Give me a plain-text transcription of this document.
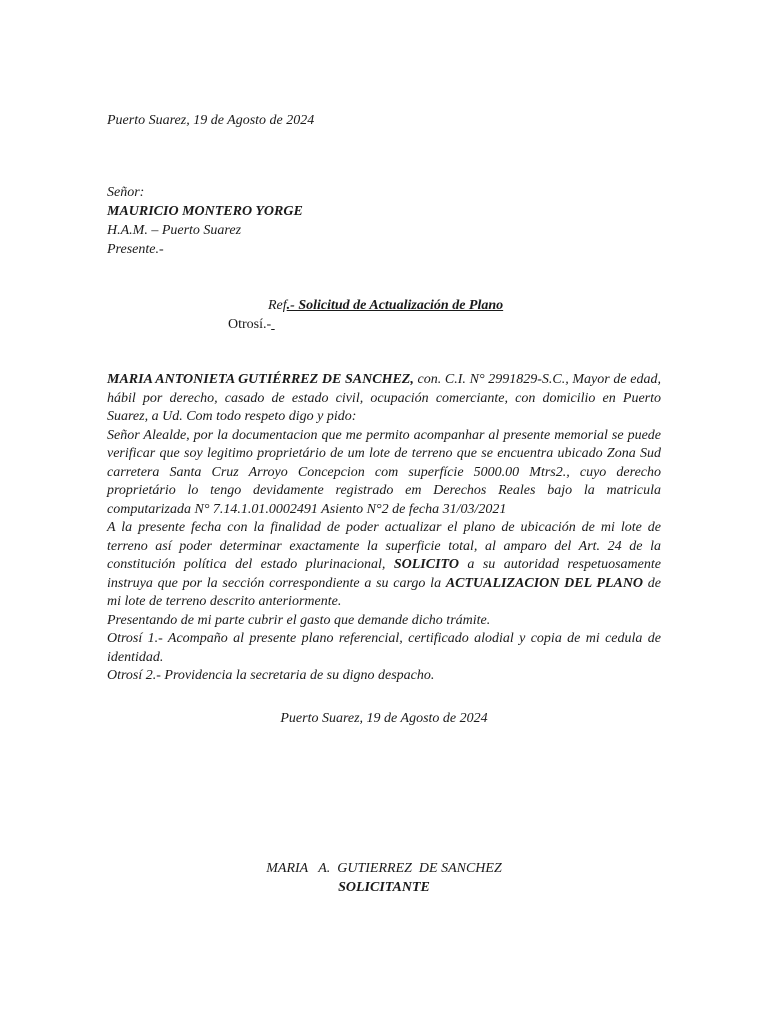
Puerto Suarez, 19 de Agosto de 2024
Señor:
MAURICIO MONTERO YORGE
H.A.M. – Puerto Suarez
Presente.-
Ref.- Solicitud de Actualización de Plano
Otrosí.-

MARIA ANTONIETA GUTIÉRREZ DE SANCHEZ, con. C.I. N° 2991829-S.C., Mayor de edad, hábil por derecho, casado de estado civil, ocupación comerciante, con domicilio en Puerto Suarez, a Ud. Com todo respeto digo y pido:

Señor Alealde, por la documentacion que me permito acompanhar al presente memorial se puede verificar que soy legitimo proprietário de um lote de terreno que se encuentra ubicado Zona Sud carretera Santa Cruz Arroyo Concepcion com superfície 5000.00 Mtrs2., cuyo derecho proprietário lo tengo devidamente registrado em Derechos Reales bajo la matricula computarizada N° 7.14.1.01.0002491 Asiento N°2 de fecha 31/03/2021

A la presente fecha con la finalidad de poder actualizar el plano de ubicación de mi lote de terreno así poder determinar exactamente la superficie total, al amparo del Art. 24 de la constitución política del estado plurinacional, SOLICITO a su autoridad respetuosamente instruya que por la sección correspondiente a su cargo la ACTUALIZACION DEL PLANO de mi lote de terreno descrito anteriormente.

Presentando de mi parte cubrir el gasto que demande dicho trámite.

Otrosí 1.- Acompaño al presente plano referencial, certificado alodial y copia de mi cedula de identidad.

Otrosí 2.- Providencia la secretaria de su digno despacho.

Puerto Suarez, 19 de Agosto de 2024
MARIA   A.  GUTIERREZ  DE SANCHEZ
SOLICITANTE
